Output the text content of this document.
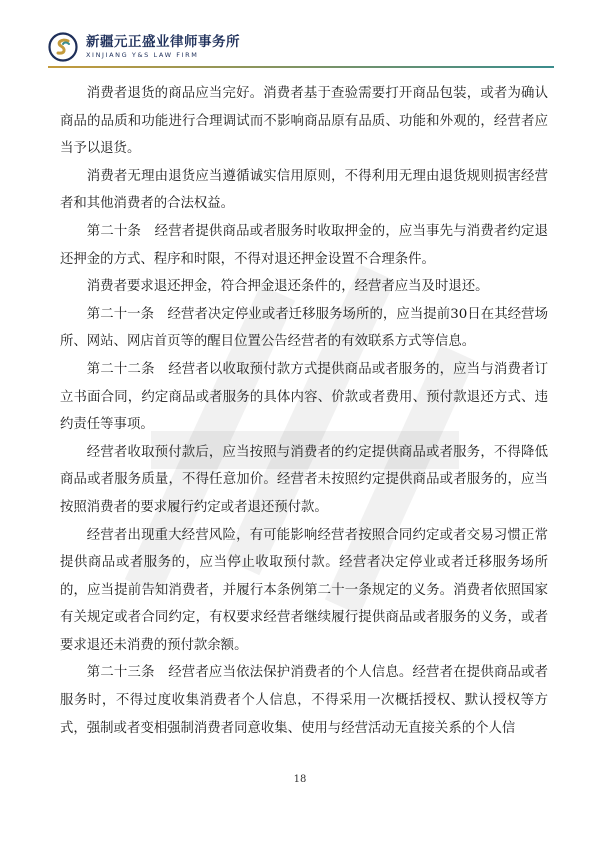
新疆元正盛业律师事务所
XINJIANG Y&S LAW FIRM

消费者退货的商品应当完好。消费者基于查验需要打开商品包装，或者为确认商品的品质和功能进行合理调试而不影响商品原有品质、功能和外观的，经营者应当予以退货。

消费者无理由退货应当遵循诚实信用原则，不得利用无理由退货规则损害经营者和其他消费者的合法权益。

第二十条　经营者提供商品或者服务时收取押金的，应当事先与消费者约定退还押金的方式、程序和时限，不得对退还押金设置不合理条件。

消费者要求退还押金，符合押金退还条件的，经营者应当及时退还。

第二十一条　经营者决定停业或者迁移服务场所的，应当提前30日在其经营场所、网站、网店首页等的醒目位置公告经营者的有效联系方式等信息。

第二十二条　经营者以收取预付款方式提供商品或者服务的，应当与消费者订立书面合同，约定商品或者服务的具体内容、价款或者费用、预付款退还方式、违约责任等事项。

经营者收取预付款后，应当按照与消费者的约定提供商品或者服务，不得降低商品或者服务质量，不得任意加价。经营者未按照约定提供商品或者服务的，应当按照消费者的要求履行约定或者退还预付款。

经营者出现重大经营风险，有可能影响经营者按照合同约定或者交易习惯正常提供商品或者服务的，应当停止收取预付款。经营者决定停业或者迁移服务场所的，应当提前告知消费者，并履行本条例第二十一条规定的义务。消费者依照国家有关规定或者合同约定，有权要求经营者继续履行提供商品或者服务的义务，或者要求退还未消费的预付款余额。

第二十三条　经营者应当依法保护消费者的个人信息。经营者在提供商品或者服务时，不得过度收集消费者个人信息，不得采用一次概括授权、默认授权等方式，强制或者变相强制消费者同意收集、使用与经营活动无直接关系的个人信

18
